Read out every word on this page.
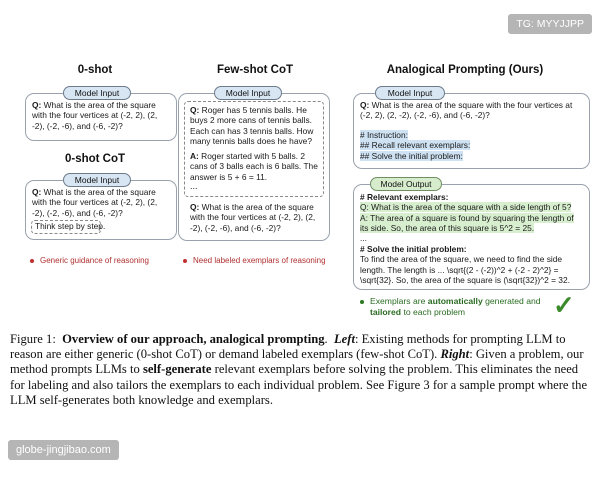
TG: MYYJJPP
globe-jingjibao.com
0-shot
Model Input
Q: What is the area of the square with the four vertices at (-2, 2), (2, -2), (-2, -6), and (-6, -2)?
0-shot CoT
Model Input
Q: What is the area of the square with the four vertices at (-2, 2), (2, -2), (-2, -6), and (-6, -2)?
Think step by step.
Generic guidance of reasoning
Few-shot CoT
Model Input
Q: Roger has 5 tennis balls. He buys 2 more cans of tennis balls. Each can has 3 tennis balls. How many tennis balls does he have?
A: Roger started with 5 balls. 2 cans of 3 balls each is 6 balls. The answer is 5 + 6 = 11.
...
Q: What is the area of the square with the four vertices at (-2, 2), (2, -2), (-2, -6), and (-6, -2)?
Need labeled exemplars of reasoning
Analogical Prompting (Ours)
Model Input
Q: What is the area of the square with the four vertices at (-2, 2), (2, -2), (-2, -6), and (-6, -2)?
# Instruction:
## Recall relevant exemplars:
## Solve the initial problem:
Model Output
# Relevant exemplars:
Q: What is the area of the square with a side length of 5?
A: The area of a square is found by squaring the length of its side. So, the area of this square is 5^2 = 25.
...
# Solve the initial problem:
To find the area of the square, we need to find the side length. The length is ... \sqrt{(2 - (-2))^2 + (-2 - 2)^2} = \sqrt{32}. So, the area of the square is (\sqrt{32})^2 = 32.
Exemplars are automatically generated and
tailored to each problem	✓
Figure 1: Overview of our approach, analogical prompting.  Left: Existing methods for prompting LLM to reason are either generic (0-shot CoT) or demand labeled exemplars (few-shot CoT). Right: Given a problem, our method prompts LLMs to self-generate relevant exemplars before solving the problem. This eliminates the need for labeling and also tailors the exemplars to each individual problem. See Figure 3 for a sample prompt where the LLM self-generates both knowledge and exemplars.
